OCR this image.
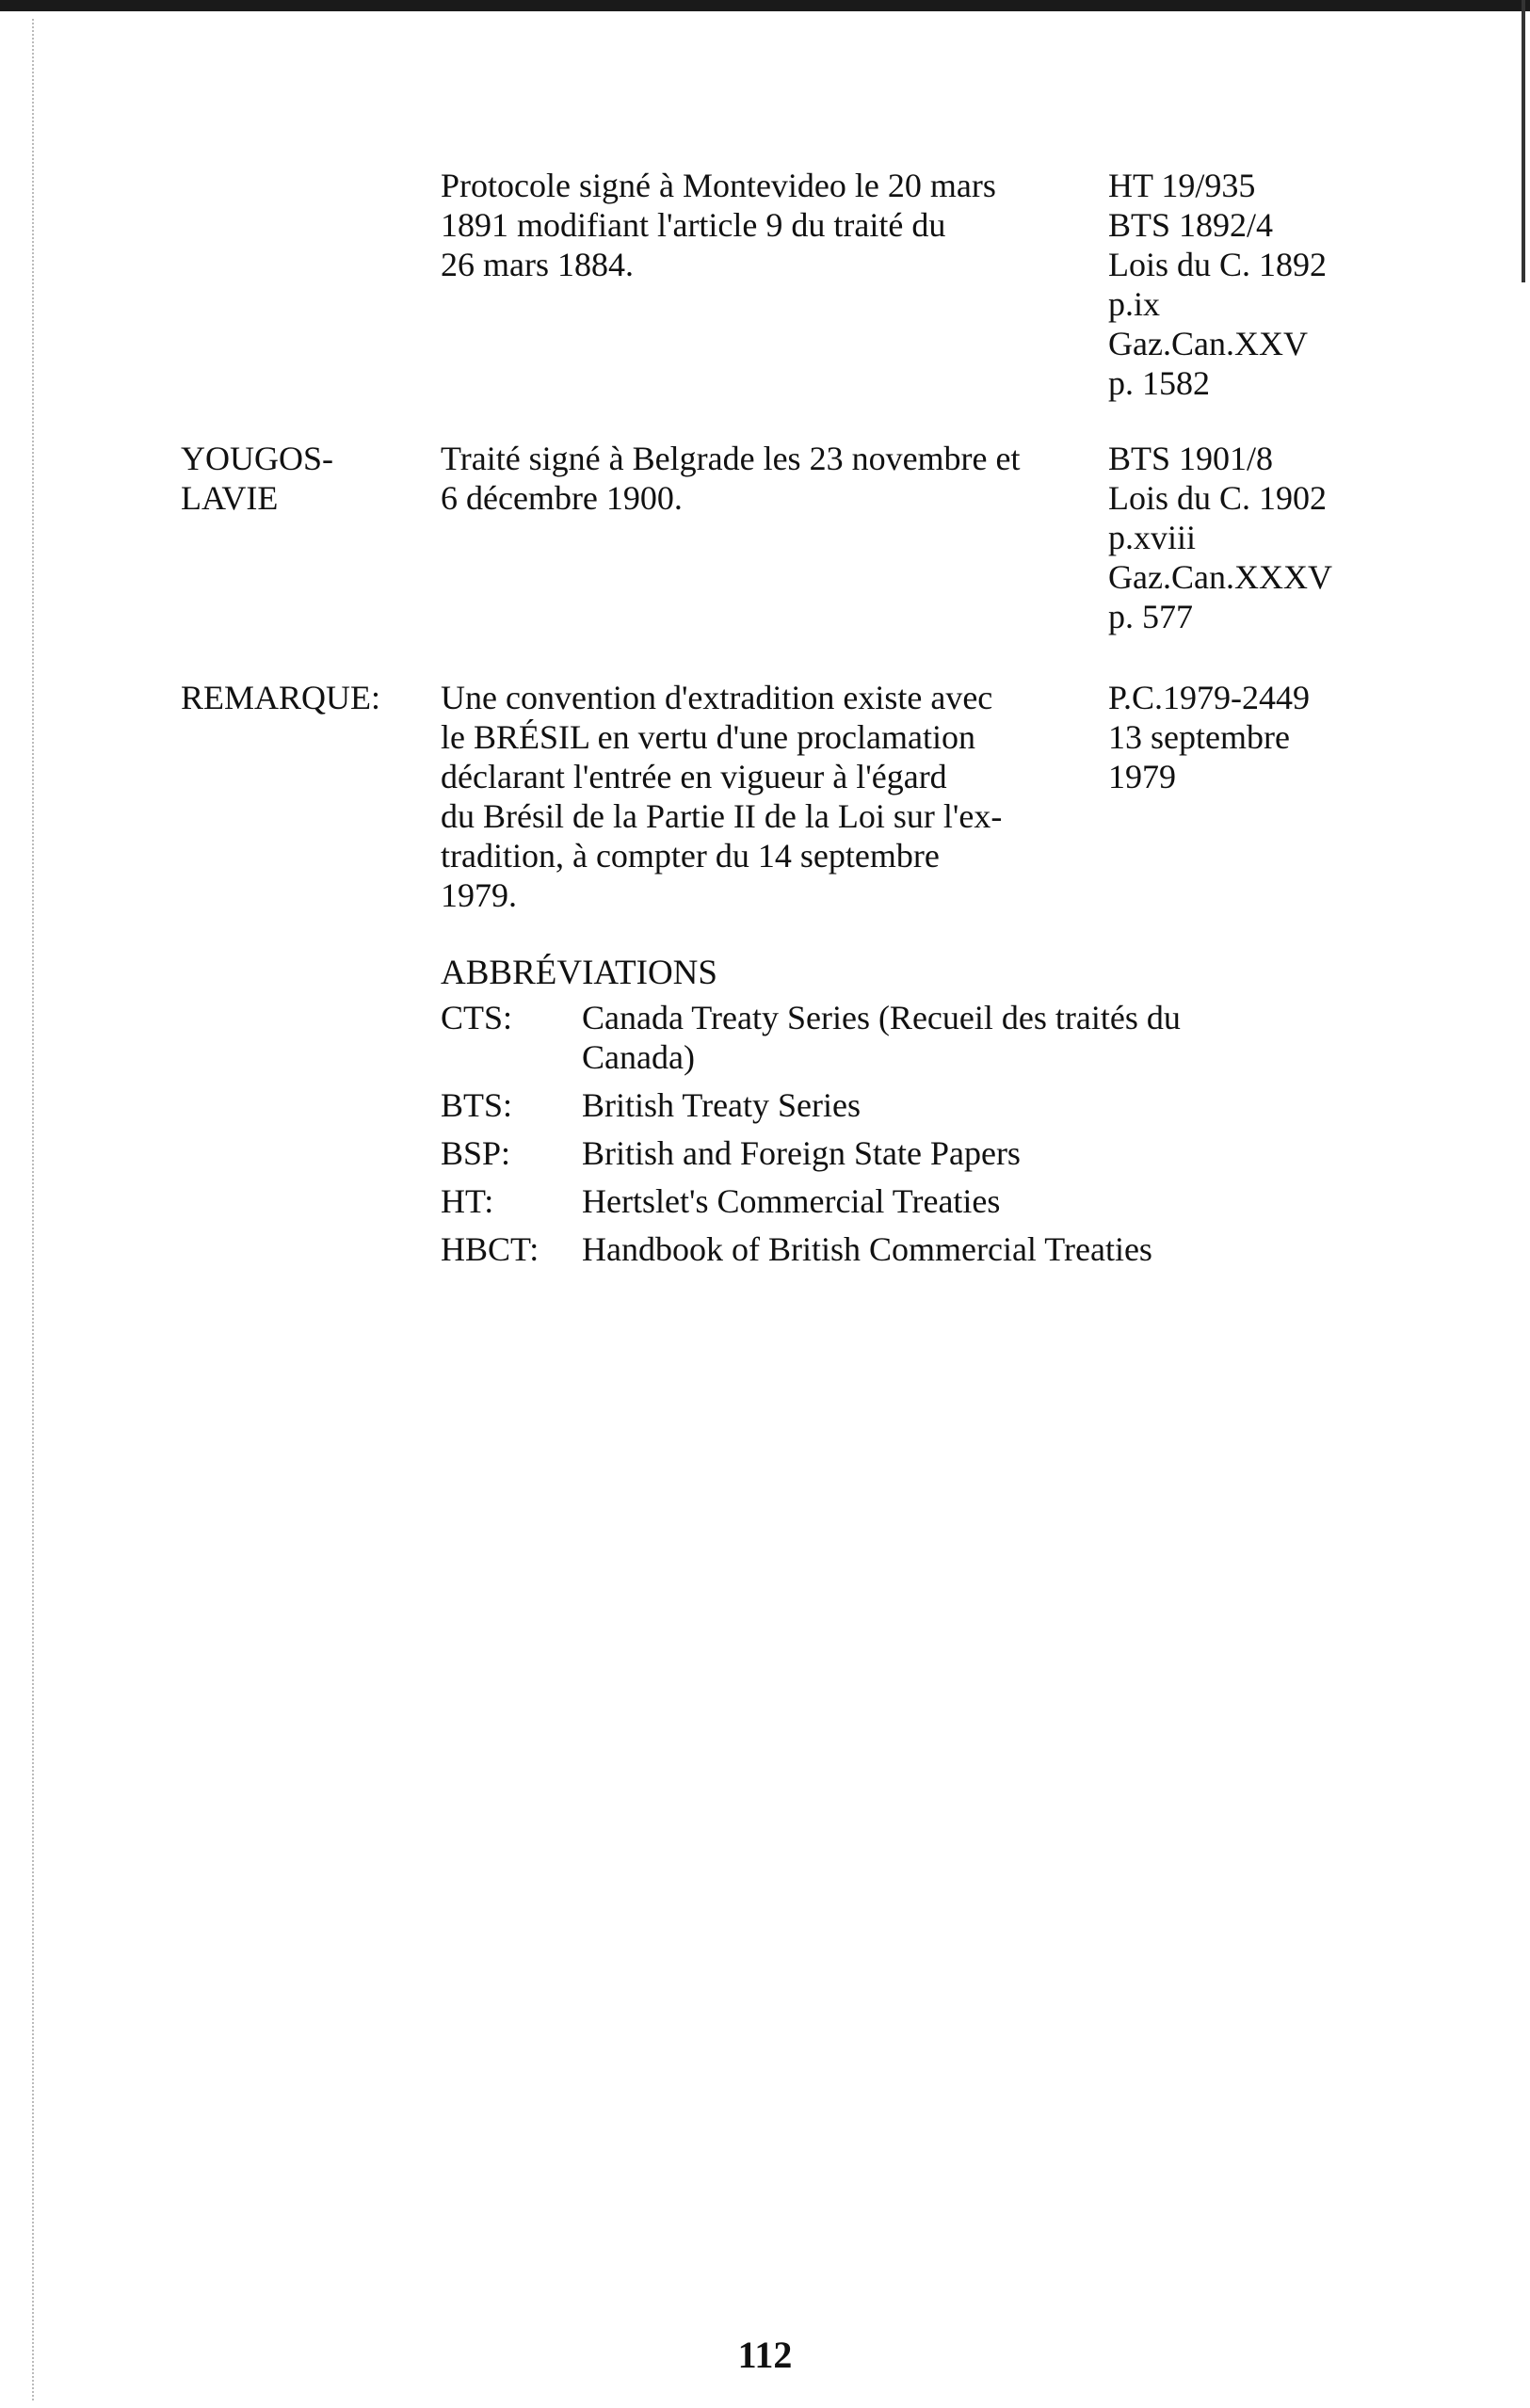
Protocole signé à Montevideo le 20 mars
1891 modifiant l'article 9 du traité du
26 mars 1884.
HT 19/935
BTS 1892/4
Lois du C. 1892
p.ix
Gaz.Can.XXV
p. 1582
YOUGOS-
LAVIE
Traité signé à Belgrade les 23 novembre et
6 décembre 1900.
BTS 1901/8
Lois du C. 1902
p.xviii
Gaz.Can.XXXV
p. 577
REMARQUE:	Une convention d'extradition existe avec
le BRÉSIL en vertu d'une proclamation
déclarant l'entrée en vigueur à l'égard
du Brésil de la Partie II de la Loi sur l'ex-
tradition, à compter du 14 septembre
1979.
P.C.1979-2449
13 septembre
1979
ABBRÉVIATIONS
CTS: Canada Treaty Series (Recueil des traités du
Canada)
BTS: British Treaty Series
BSP: British and Foreign State Papers
HT:	Hertslet's Commercial Treaties
HBCT: Handbook of British Commercial Treaties
112
